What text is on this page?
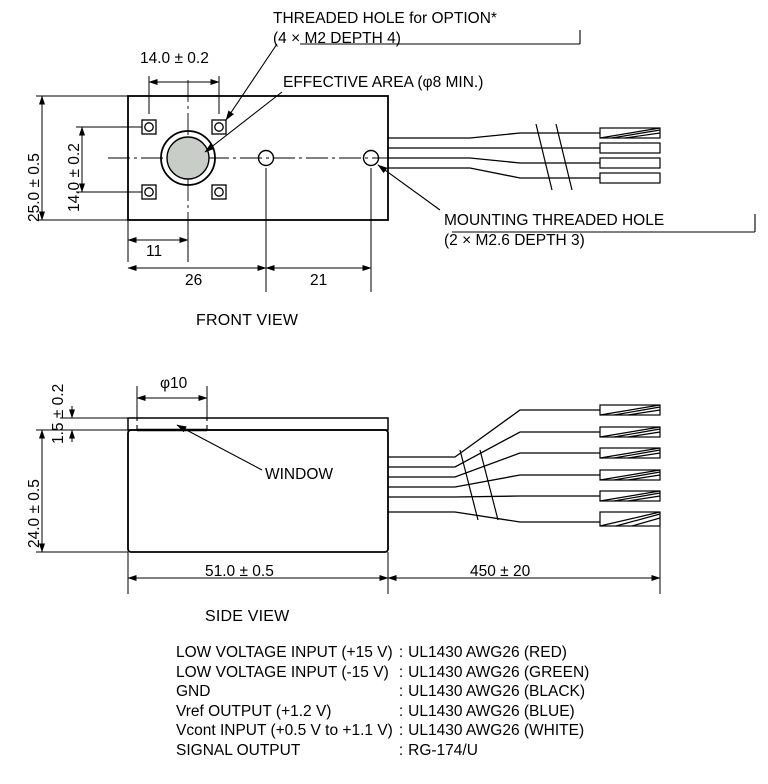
THREADED HOLE for OPTION*
(4 × M2 DEPTH 4)
EFFECTIVE AREA (φ8 MIN.)
MOUNTING THREADED HOLE
(2 × M2.6 DEPTH 3)
WINDOW
14.0 ± 0.2
25.0 ± 0.5 14.0 ± 0.2
11
26	21
FRONT VIEW
1.5 ± 0.2
24.0 ± 0.5
φ10
51.0 ± 0.5	450 ± 20
SIDE VIEW
LOW VOLTAGE INPUT (+15 V)	:	UL1430 AWG26 (RED)
LOW VOLTAGE INPUT (-15 V)	:	UL1430 AWG26 (GREEN)
GND	:	UL1430 AWG26 (BLACK)
Vref OUTPUT (+1.2 V)	:	UL1430 AWG26 (BLUE)
Vcont INPUT (+0.5 V to +1.1 V)	:	UL1430 AWG26 (WHITE)
SIGNAL OUTPUT	:	RG-174/U
